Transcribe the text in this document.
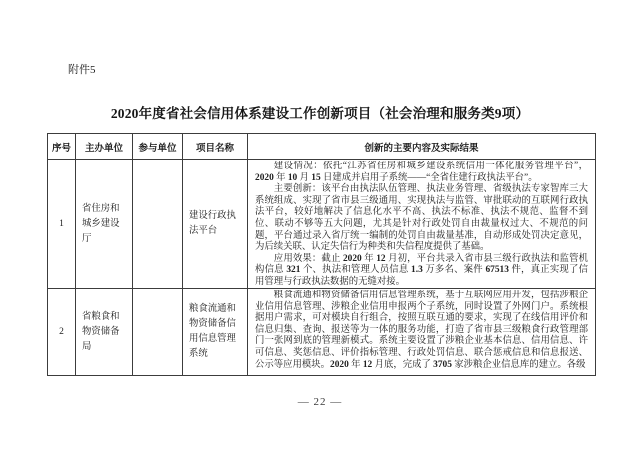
附件5
2020年度省社会信用体系建设工作创新项目（社会治理和服务类9项）
序号	主办单位	参与单位	项目名称	创新的主要内容及实际结果
1	省住房和城乡建设厅		建设行政执法平台	建设情况：依托“江苏省住房和城乡建设系统信用一体化服务管理平台”，2020 年 10 月 15 日建成并启用子系统——“全省住建行政执法平台”。

主要创新：该平台由执法队伍管理、执法业务管理、省级执法专家智库三大系统组成、实现了省市县三级通用、实现执法与监管、审批联动的互联网行政执法平台，较好地解决了信息化水平不高、执法不标准、执法不规范、监督不到位、联动不够等五大问题，尤其是针对行政处罚自由裁量权过大、不规范的问题，平台通过录入省厅统一编制的处罚自由裁量基准，自动形成处罚决定意见，为后续关联、认定失信行为种类和失信程度提供了基础。

应用效果：截止 2020 年 12 月初，平台共录入省市县三级行政执法和监管机构信息 321 个、执法和管理人员信息 1.3 万多名、案件 67513 件，真正实现了信用管理与行政执法数据的无缝对接。

2	省粮食和物资储备局		粮食流通和物资储备信用信息管理系统	粮食流通和物资储备信用信息管理系统，基于互联网应用开发，包括涉粮企业信用信息管理、涉粮企业信用申报两个子系统，同时设置了外网门户。系统根据用户需求，可对模块自行组合，按照互联互通的要求，实现了在线信用评价和信息归集、查询、报送等为一体的服务功能，打造了省市县三级粮食行政管理部门一张网到底的管理新模式。系统主要设置了涉粮企业基本信息、信用信息、许可信息、奖惩信息、评价指标管理、行政处罚信息、联合惩戒信息和信息报送、公示等应用模块。2020 年 12 月底，完成了 3705 家涉粮企业信息库的建立。各级

— 22 —
